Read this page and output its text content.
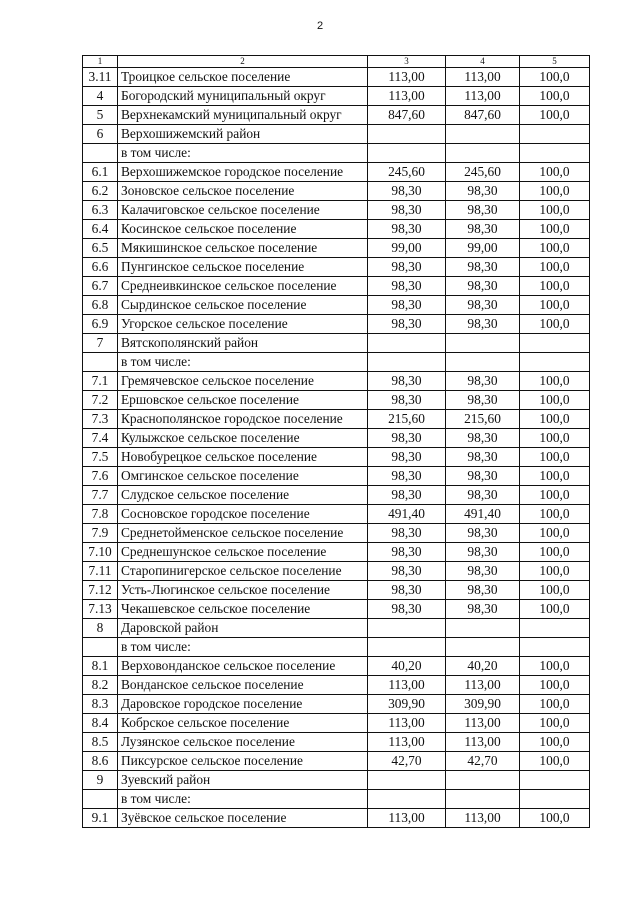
2
1	2	3	4	5
3.11	Троицкое сельское поселение	113,00	113,00	100,0
4	Богородский муниципальный округ	113,00	113,00	100,0
5	Верхнекамский муниципальный округ	847,60	847,60	100,0
6	Верхошижемский район			
	в том числе:			
6.1	Верхошижемское городское поселение	245,60	245,60	100,0
6.2	Зоновское сельское поселение	98,30	98,30	100,0
6.3	Калачиговское сельское поселение	98,30	98,30	100,0
6.4	Косинское сельское поселение	98,30	98,30	100,0
6.5	Мякишинское сельское поселение	99,00	99,00	100,0
6.6	Пунгинское сельское поселение	98,30	98,30	100,0
6.7	Среднеивкинское сельское поселение	98,30	98,30	100,0
6.8	Сырдинское сельское поселение	98,30	98,30	100,0
6.9	Угорское сельское поселение	98,30	98,30	100,0
7	Вятскополянский район			
	в том числе:			
7.1	Гремячевское сельское поселение	98,30	98,30	100,0
7.2	Ершовское сельское поселение	98,30	98,30	100,0
7.3	Краснополянское городское поселение	215,60	215,60	100,0
7.4	Кулыжское сельское поселение	98,30	98,30	100,0
7.5	Новобурецкое сельское поселение	98,30	98,30	100,0
7.6	Омгинское сельское поселение	98,30	98,30	100,0
7.7	Слудское сельское поселение	98,30	98,30	100,0
7.8	Сосновское городское поселение	491,40	491,40	100,0
7.9	Среднетойменское сельское поселение	98,30	98,30	100,0
7.10	Среднешунское сельское поселение	98,30	98,30	100,0
7.11	Старопинигерское сельское поселение	98,30	98,30	100,0
7.12	Усть-Люгинское сельское поселение	98,30	98,30	100,0
7.13	Чекашевское сельское поселение	98,30	98,30	100,0
8	Даровской район			
	в том числе:			
8.1	Верховонданское сельское поселение	40,20	40,20	100,0
8.2	Вонданское сельское поселение	113,00	113,00	100,0
8.3	Даровское городское поселение	309,90	309,90	100,0
8.4	Кобрское сельское поселение	113,00	113,00	100,0
8.5	Лузянское сельское поселение	113,00	113,00	100,0
8.6	Пиксурское сельское поселение	42,70	42,70	100,0
9	Зуевский район			
	в том числе:			
9.1	Зуёвское сельское поселение	113,00	113,00	100,0
